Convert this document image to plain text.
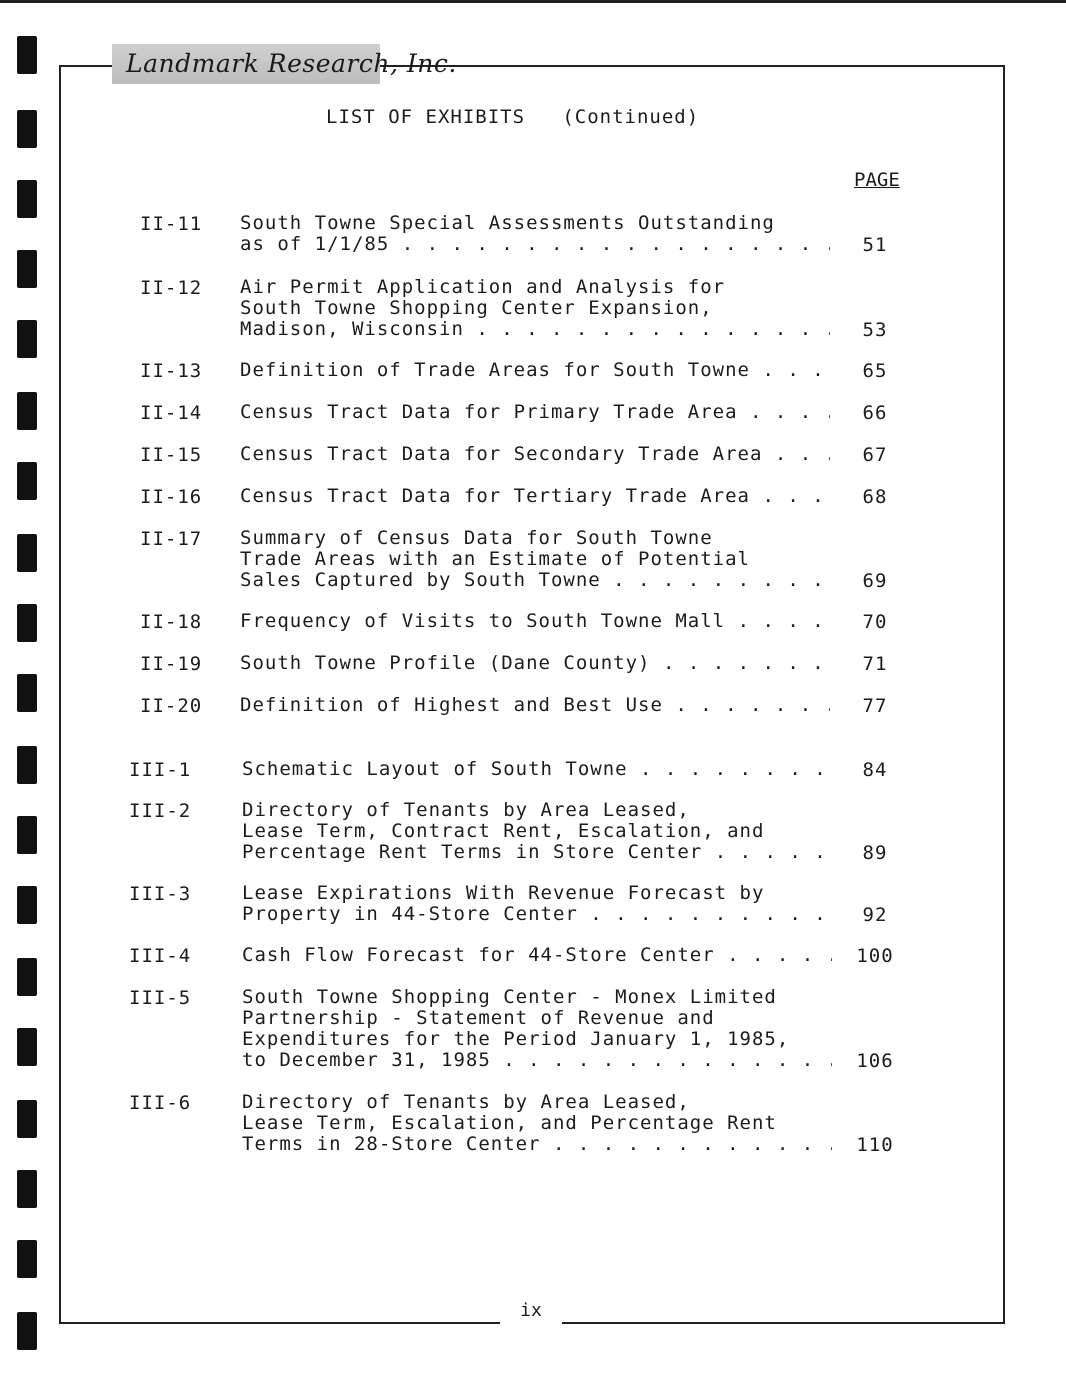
Landmark Research, Inc.
LIST OF EXHIBITS   (Continued)
PAGE
II-11 South Towne Special Assessments Outstanding
as of 1/1/85 . . .	51
II-12 Air Permit Application and Analysis for
South Towne Shopping Center Expansion,
Madison, Wisconsin . . .	53
II-13 Definition of Trade Areas for South Towne . . .	65
II-14 Census Tract Data for Primary Trade Area . . .	66
II-15 Census Tract Data for Secondary Trade Area . . .	67
II-16 Census Tract Data for Tertiary Trade Area . . .	68
II-17 Summary of Census Data for South Towne
Trade Areas with an Estimate of Potential
Sales Captured by South Towne . . .	69
II-18 Frequency of Visits to South Towne Mall . . .	70
II-19 South Towne Profile (Dane County) . . .	71
II-20 Definition of Highest and Best Use . . .	77
III-1	Schematic Layout of South Towne . . .	84
III-2	Directory of Tenants by Area Leased,
Lease Term, Contract Rent, Escalation, and
Percentage Rent Terms in Store Center . . .	89
III-3	Lease Expirations With Revenue Forecast by
Property in 44-Store Center . . .	92
III-4	Cash Flow Forecast for 44-Store Center . . .	100
III-5	South Towne Shopping Center - Monex Limited
Partnership - Statement of Revenue and
Expenditures for the Period January 1, 1985,
to December 31, 1985 . . .	106
III-6	Directory of Tenants by Area Leased,
Lease Term, Escalation, and Percentage Rent
Terms in 28-Store Center . . .	110
ix
